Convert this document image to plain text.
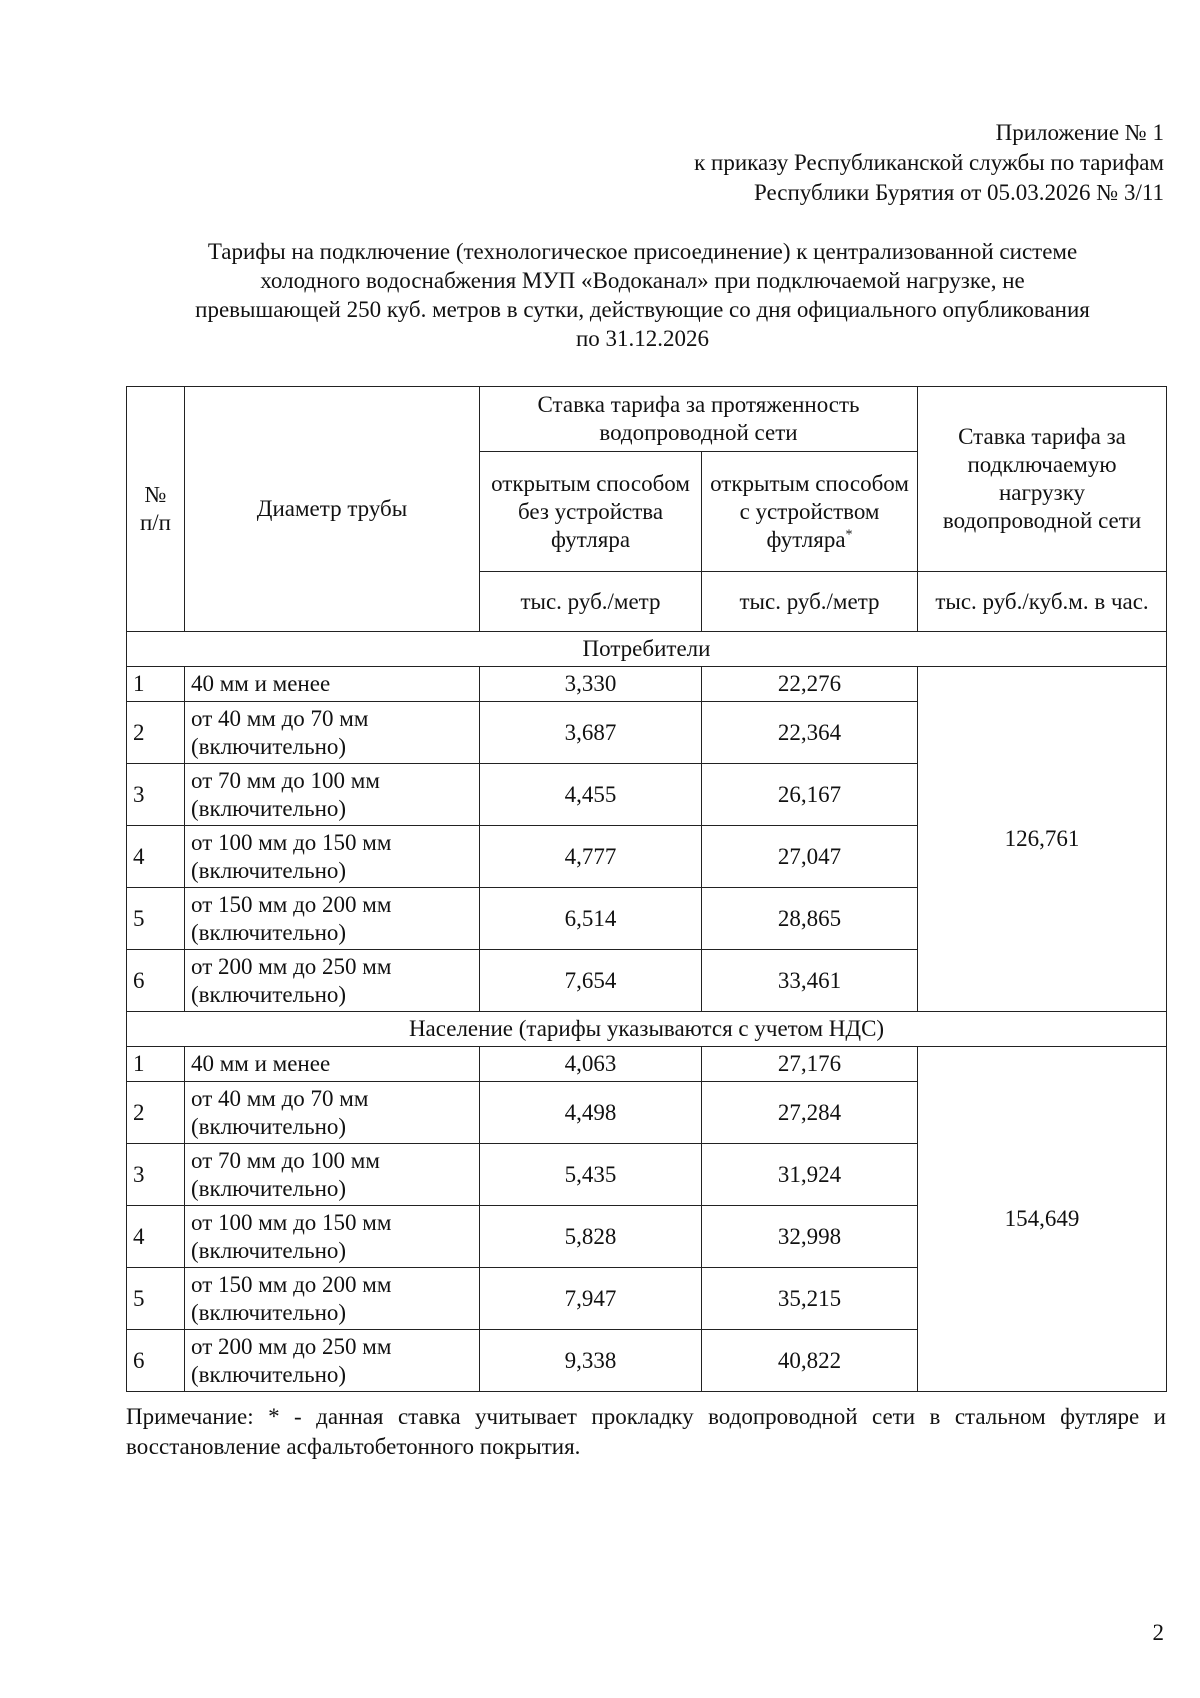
Приложение № 1
к приказу Республиканской службы по тарифам
Республики Бурятия от 05.03.2026 № 3/11
Тарифы на подключение (технологическое присоединение) к централизованной системе
холодного водоснабжения МУП «Водоканал» при подключаемой нагрузке, не
превышающей 250 куб. метров в сутки, действующие со дня официального опубликования
по 31.12.2026
№ п/п	Диаметр трубы	Ставка тарифа за протяженность водопроводной сети		Ставка тарифа за подключаемую нагрузку водопроводной сети
		открытым способом без устройства футляра	открытым способом с устройством футляра*
		тыс. руб./метр	тыс. руб./метр	тыс. руб./куб.м. в час.
Потребители				
1	40 мм и менее	3,330	22,276	126,761
2	от 40 мм до 70 мм (включительно)	3,687	22,364	
3	от 70 мм до 100 мм (включительно)	4,455	26,167	
4	от 100 мм до 150 мм (включительно)	4,777	27,047	
5	от 150 мм до 200 мм (включительно)	6,514	28,865	
6	от 200 мм до 250 мм (включительно)	7,654	33,461	
Население (тарифы указываются с учетом НДС)				
1	40 мм и менее	4,063	27,176	154,649
2	от 40 мм до 70 мм (включительно)	4,498	27,284	
3	от 70 мм до 100 мм (включительно)	5,435	31,924	
4	от 100 мм до 150 мм (включительно)	5,828	32,998	
5	от 150 мм до 200 мм (включительно)	7,947	35,215	
6	от 200 мм до 250 мм (включительно)	9,338	40,822	
Примечание: * - данная ставка учитывает прокладку водопроводной сети в стальном футляре и восстановление асфальтобетонного покрытия.
2
